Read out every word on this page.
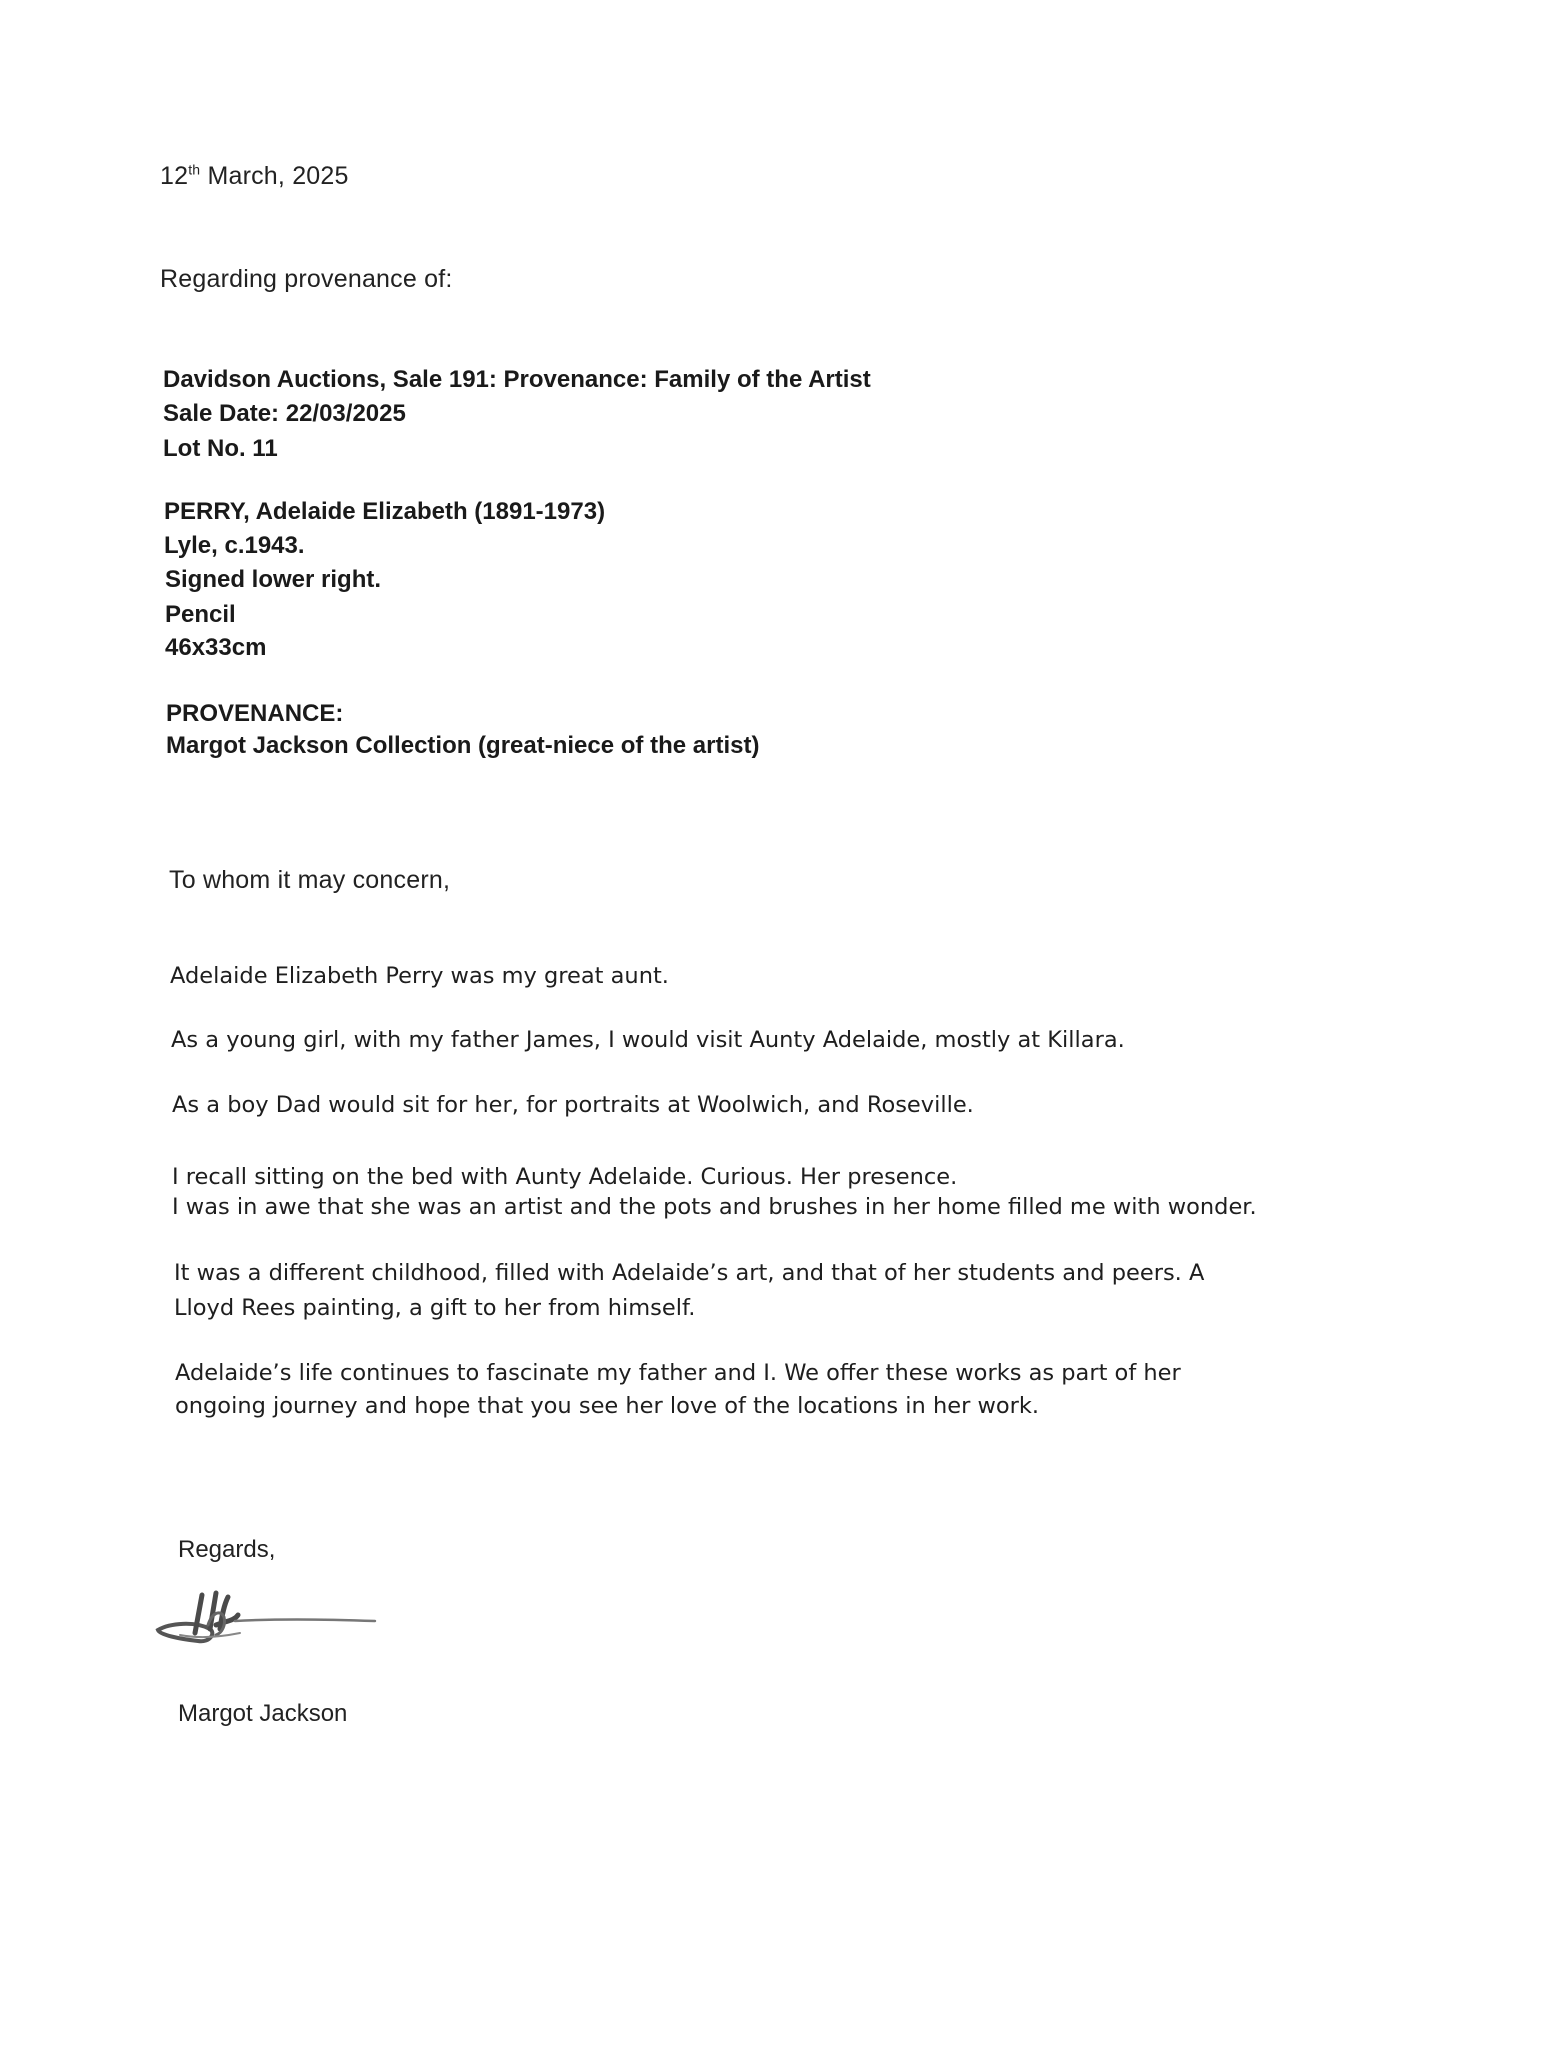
12th March, 2025
Regarding provenance of:
Davidson Auctions, Sale 191: Provenance: Family of the Artist
Sale Date: 22/03/2025
Lot No. 11
PERRY, Adelaide Elizabeth (1891-1973)
Lyle, c.1943.
Signed lower right.
Pencil
46x33cm
PROVENANCE:
Margot Jackson Collection (great-niece of the artist)
To whom it may concern,
Adelaide Elizabeth Perry was my great aunt.
As a young girl, with my father James, I would visit Aunty Adelaide, mostly at Killara.
As a boy Dad would sit for her, for portraits at Woolwich, and Roseville.
I recall sitting on the bed with Aunty Adelaide. Curious. Her presence.
I was in awe that she was an artist and the pots and brushes in her home filled me with wonder.
It was a different childhood, filled with Adelaide’s art, and that of her students and peers. A
Lloyd Rees painting, a gift to her from himself.
Adelaide’s life continues to fascinate my father and I. We offer these works as part of her
ongoing journey and hope that you see her love of the locations in her work.
Regards,
Margot Jackson
